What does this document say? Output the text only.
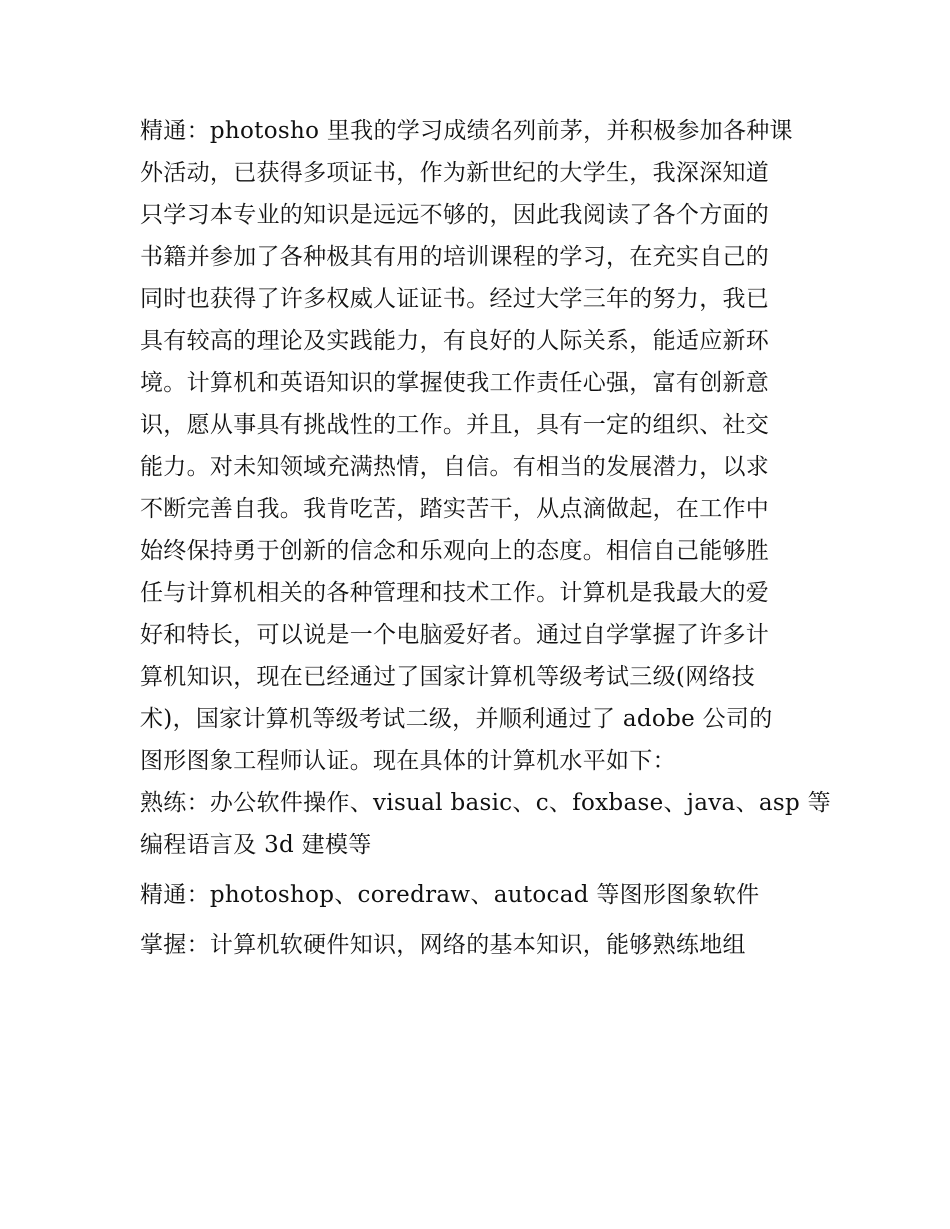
精通：photosho 里我的学习成绩名列前茅，并积极参加各种课
外活动，已获得多项证书，作为新世纪的大学生，我深深知道
只学习本专业的知识是远远不够的，因此我阅读了各个方面的
书籍并参加了各种极其有用的培训课程的学习，在充实自己的
同时也获得了许多权威人证证书。经过大学三年的努力，我已
具有较高的理论及实践能力，有良好的人际关系，能适应新环
境。计算机和英语知识的掌握使我工作责任心强，富有创新意
识，愿从事具有挑战性的工作。并且，具有一定的组织、社交
能力。对未知领域充满热情，自信。有相当的发展潜力，以求
不断完善自我。我肯吃苦，踏实苦干，从点滴做起，在工作中
始终保持勇于创新的信念和乐观向上的态度。相信自己能够胜
任与计算机相关的各种管理和技术工作。计算机是我最大的爱
好和特长，可以说是一个电脑爱好者。通过自学掌握了许多计
算机知识，现在已经通过了国家计算机等级考试三级(网络技
术)，国家计算机等级考试二级，并顺利通过了 adobe 公司的
图形图象工程师认证。现在具体的计算机水平如下：
熟练：办公软件操作、visual basic、c、foxbase、java、asp 等
编程语言及 3d 建模等
精通：photoshop、coredraw、autocad 等图形图象软件
掌握：计算机软硬件知识，网络的基本知识，能够熟练地组
